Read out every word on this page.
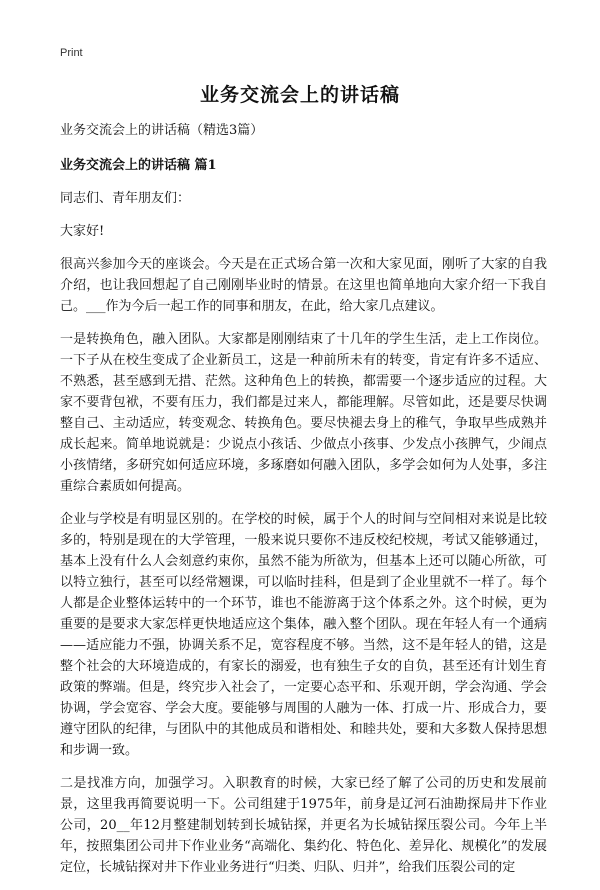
Print
业务交流会上的讲话稿

业务交流会上的讲话稿（精选3篇）

业务交流会上的讲话稿 篇1

同志们、青年朋友们：

大家好!

很高兴参加今天的座谈会。今天是在正式场合第一次和大家见面，刚听了大家的自我介绍，也让我回想起了自己刚刚毕业时的情景。在这里也简单地向大家介绍一下我自己。___作为今后一起工作的同事和朋友，在此，给大家几点建议。

一是转换角色，融入团队。大家都是刚刚结束了十几年的学生生活，走上工作岗位。一下子从在校生变成了企业新员工，这是一种前所未有的转变，肯定有许多不适应、不熟悉，甚至感到无措、茫然。这种角色上的转换，都需要一个逐步适应的过程。大家不要背包袱，不要有压力，我们都是过来人，都能理解。尽管如此，还是要尽快调整自己、主动适应，转变观念、转换角色。要尽快褪去身上的稚气，争取早些成熟并成长起来。简单地说就是：少说点小孩话、少做点小孩事、少发点小孩脾气，少闹点小孩情绪，多研究如何适应环境，多琢磨如何融入团队，多学会如何为人处事，多注重综合素质如何提高。

企业与学校是有明显区别的。在学校的时候，属于个人的时间与空间相对来说是比较多的，特别是现在的大学管理，一般来说只要你不违反校纪校规，考试又能够通过，基本上没有什么人会刻意约束你，虽然不能为所欲为，但基本上还可以随心所欲，可以特立独行，甚至可以经常翘课，可以临时挂科，但是到了企业里就不一样了。每个人都是企业整体运转中的一个环节，谁也不能游离于这个体系之外。这个时候，更为重要的是要求大家怎样更快地适应这个集体，融入整个团队。现在年轻人有一个通病——适应能力不强，协调关系不足，宽容程度不够。当然，这不是年轻人的错，这是整个社会的大环境造成的，有家长的溺爱，也有独生子女的自负，甚至还有计划生育政策的弊端。但是，终究步入社会了，一定要心态平和、乐观开朗，学会沟通、学会协调，学会宽容、学会大度。要能够与周围的人融为一体、打成一片、形成合力，要遵守团队的纪律，与团队中的其他成员和谐相处、和睦共处，要和大多数人保持思想和步调一致。

二是找准方向，加强学习。入职教育的时候，大家已经了解了公司的历史和发展前景，这里我再简要说明一下。公司组建于1975年，前身是辽河石油勘探局井下作业公司，20__年12月整建制划转到长城钻探，并更名为长城钻探压裂公司。今年上半年，按照集团公司井下作业业务“高端化、集约化、特色化、差异化、规模化”的发展定位，长城钻探对井下作业业务进行“归类、归队、归并”，给我们压裂公司的定
